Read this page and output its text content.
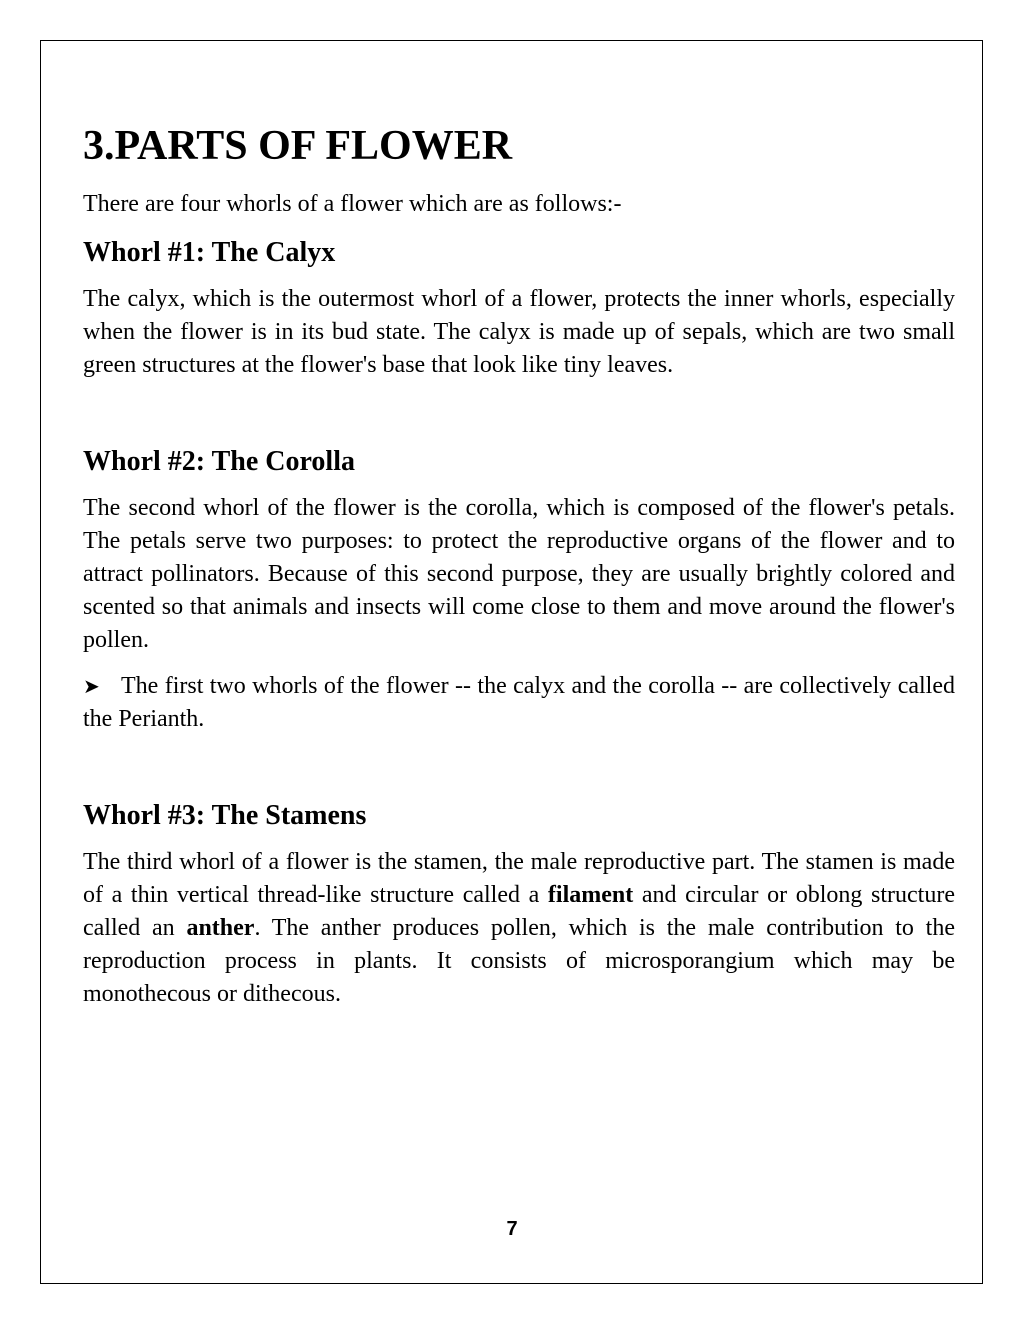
3.PARTS OF FLOWER

There are four whorls of a flower which are as follows:-

Whorl #1: The Calyx

The calyx, which is the outermost whorl of a flower, protects the inner whorls, especially when the flower is in its bud state. The calyx is made up of sepals, which are two small green structures at the flower's base that look like tiny leaves.

Whorl #2: The Corolla

The second whorl of the flower is the corolla, which is composed of the flower's petals. The petals serve two purposes: to protect the reproductive organs of the flower and to attract pollinators. Because of this second purpose, they are usually brightly colored and scented so that animals and insects will come close to them and move around the flower's pollen.

➤ The first two whorls of the flower -- the calyx and the corolla -- are collectively called the Perianth.

Whorl #3: The Stamens

The third whorl of a flower is the stamen, the male reproductive part. The stamen is made of a thin vertical thread-like structure called a filament and circular or oblong structure called an anther. The anther produces pollen, which is the male contribution to the reproduction process in plants. It consists of microsporangium which may be monothecous or dithecous.

7
